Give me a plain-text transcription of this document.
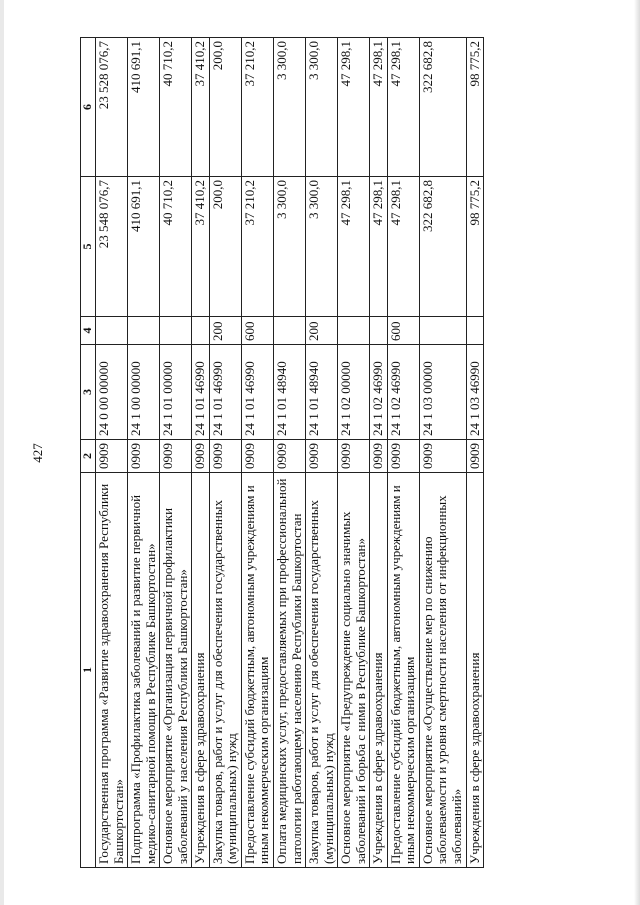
427
1	2	3	4	5	6
Государственная программа «Развитие здравоохранения Республики Башкортостан»	0909	24 0 00 00000		23 548 076,7	23 528 076,7
Подпрограмма «Профилактика заболеваний и развитие первичной медико-санитарной помощи в Республике Башкортостан»	0909	24 1 00 00000		410 691,1	410 691,1
Основное мероприятие «Организация первичной профилактики заболеваний у населения Республики Башкортостан»	0909	24 1 01 00000		40 710,2	40 710,2
Учреждения в сфере здравоохранения	0909	24 1 01 46990		37 410,2	37 410,2
Закупка товаров, работ и услуг для обеспечения государственных (муниципальных) нужд	0909	24 1 01 46990	200	200,0	200,0
Предоставление субсидий бюджетным, автономным учреждениям и иным некоммерческим организациям	0909	24 1 01 46990	600	37 210,2	37 210,2
Оплата медицинских услуг, предоставляемых при профессиональной патологии работающему населению Республики Башкортостан	0909	24 1 01 48940		3 300,0	3 300,0
Закупка товаров, работ и услуг для обеспечения государственных (муниципальных) нужд	0909	24 1 01 48940	200	3 300,0	3 300,0
Основное мероприятие «Предупреждение социально значимых заболеваний и борьба с ними в Республике Башкортостан»	0909	24 1 02 00000		47 298,1	47 298,1
Учреждения в сфере здравоохранения	0909	24 1 02 46990		47 298,1	47 298,1
Предоставление субсидий бюджетным, автономным учреждениям и иным некоммерческим организациям	0909	24 1 02 46990	600	47 298,1	47 298,1
Основное мероприятие «Осуществление мер по снижению заболеваемости и уровня смертности населения от инфекционных заболеваний»	0909	24 1 03 00000		322 682,8	322 682,8
Учреждения в сфере здравоохранения	0909	24 1 03 46990		98 775,2	98 775,2
